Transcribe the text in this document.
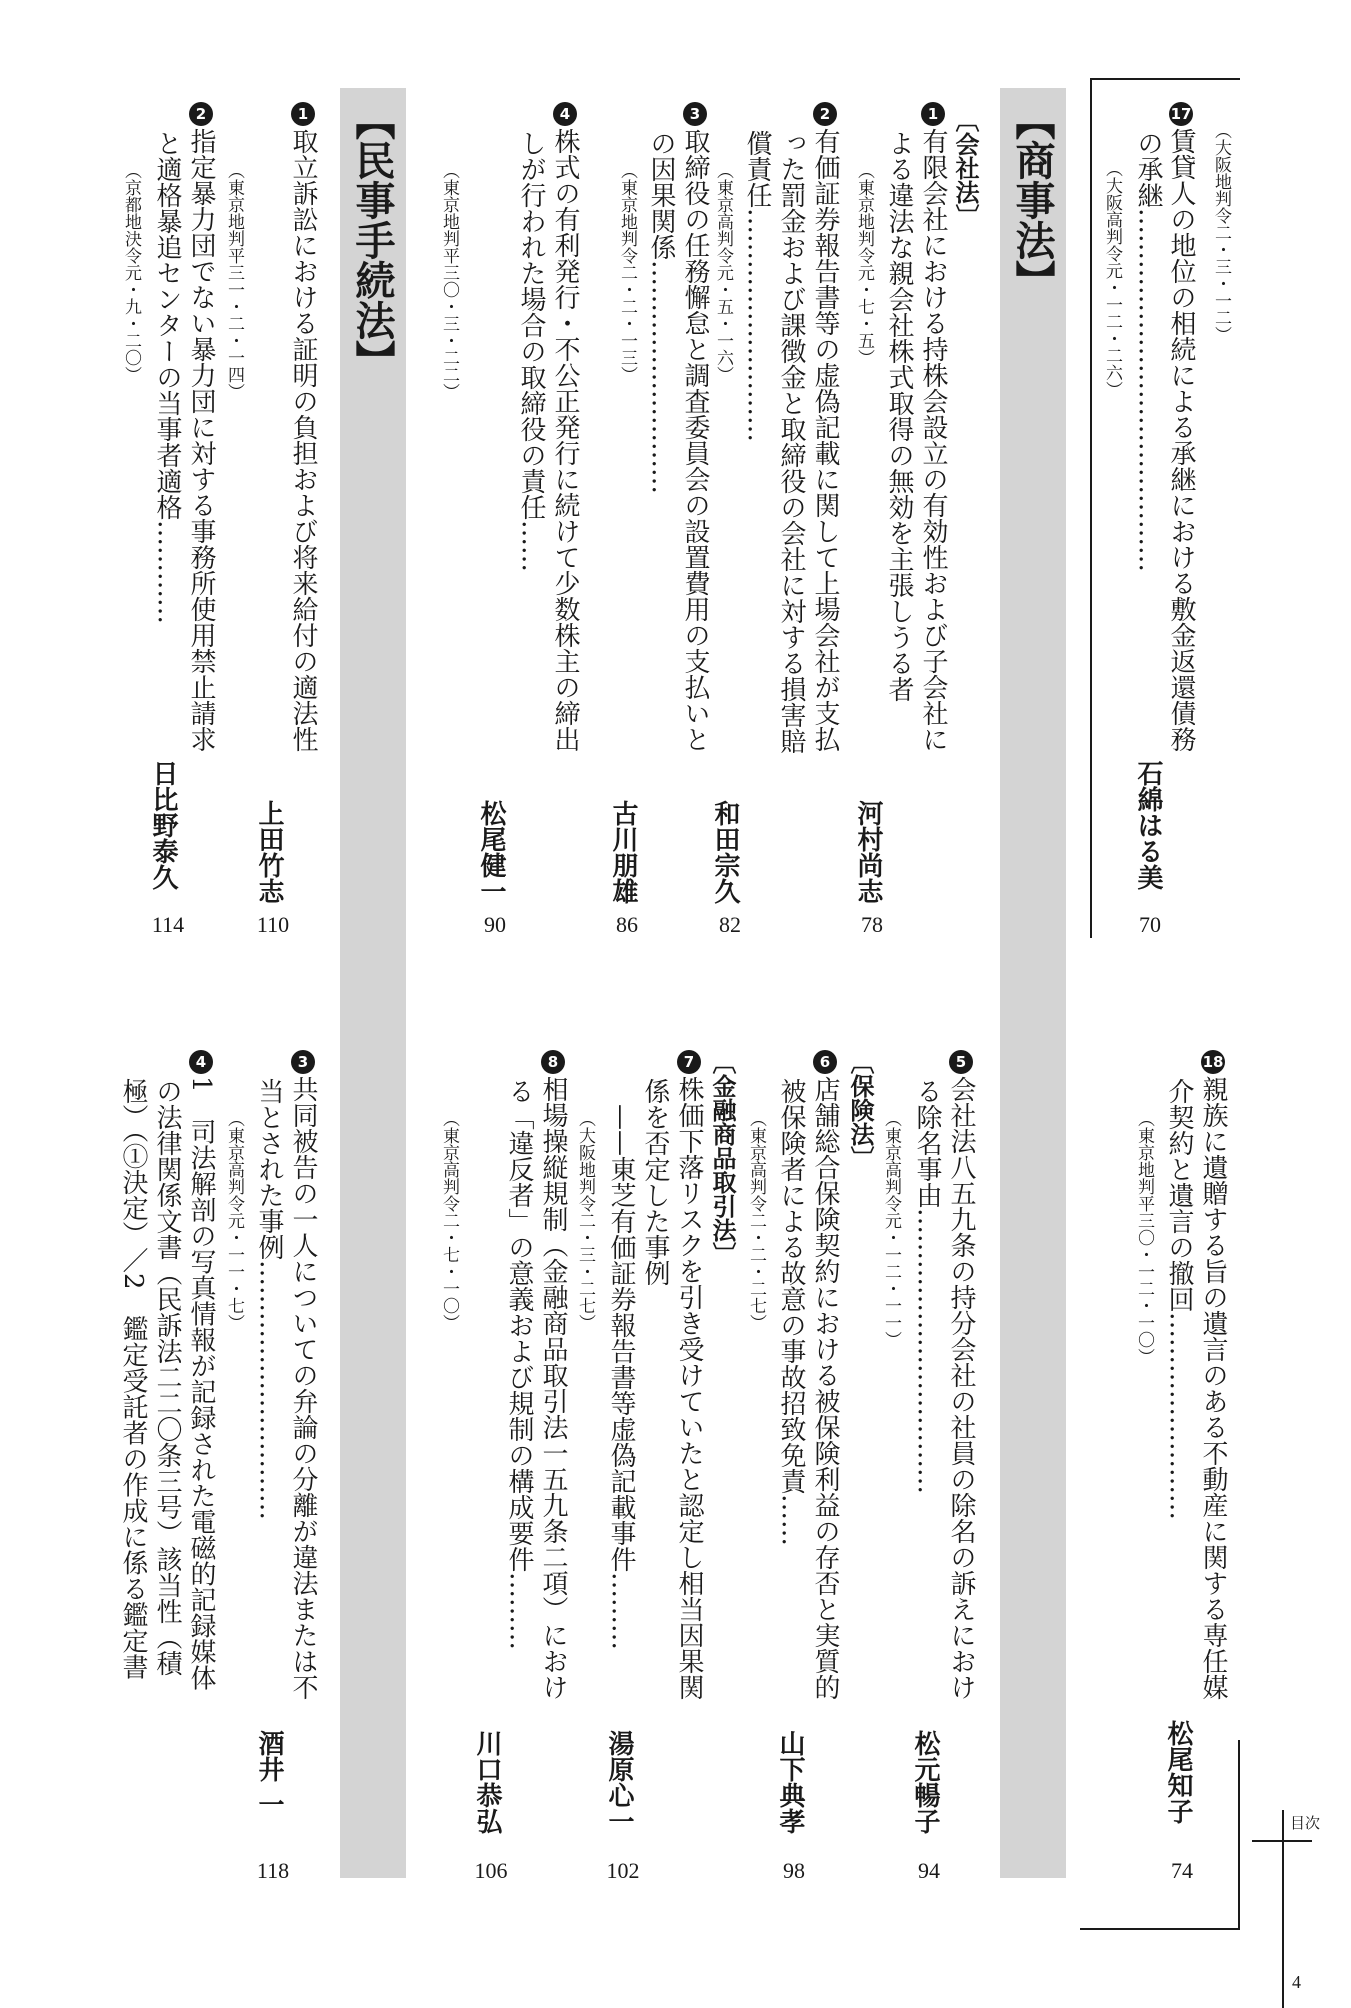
（大阪地判令二・三・一二）
17賃貸人の地位の相続による承継における敷金返還債務
の承継……………………………………
（大阪高判令元・一二・二六）
石綿はる美
70
【商事法】
〔会社法〕
1有限会社における持株会設立の有効性および子会社に
よる違法な親会社株式取得の無効を主張しうる者
（東京地判令元・七・五）
河村尚志
78
2有価証券報告書等の虚偽記載に関して上場会社が支払
った罰金および課徴金と取締役の会社に対する損害賠
償責任………………………
（東京高判令元・五・一六）
和田宗久
82
3取締役の任務懈怠と調査委員会の設置費用の支払いと
の因果関係………………………
（東京地判令二・二・一三）
古川朋雄
86
4株式の有利発行・不公正発行に続けて少数株主の締出
しが行われた場合の取締役の責任……
（東京地判平三〇・三・二二）
松尾健一
90
【民事手続法】
1取立訴訟における証明の負担および将来給付の適法性
（東京地判平三一・二・一四）
上田竹志
110
2指定暴力団でない暴力団に対する事務所使用禁止請求
と適格暴追センターの当事者適格…………
（京都地決令元・九・二〇）
日比野泰久
114
18親族に遺贈する旨の遺言のある不動産に関する専任媒
介契約と遺言の撤回……………………
（東京地判平三〇・一二・一〇）
松尾知子
74
5会社法八五九条の持分会社の社員の除名の訴えにおけ
る除名事由……………………………
（東京高判令元・一二・一一）
松元暢子
94
〔保険法〕
6店舗総合保険契約における被保険利益の存否と実質的
被保険者による故意の事故招致免責……
（東京高判令二・二・二七）
山下典孝
98
〔金融商品取引法〕
7株価下落リスクを引き受けていたと認定し相当因果関
係を否定した事例
——東芝有価証券報告書等虚偽記載事件………
（大阪地判令二・三・二七）
湯原心一
102
8相場操縦規制（金融商品取引法一五九条二項）におけ
る「違反者」の意義および規制の構成要件………
（東京高判令二・七・一〇）
川口恭弘
106
3共同被告の一人についての弁論の分離が違法または不
当とされた事例…………………………
（東京高判令元・一一・七）
酒井 一
118
41　司法解剖の写真情報が記録された電磁的記録媒体
の法律関係文書（民訴法二二〇条三号）該当性（積
極）（①決定）／2　鑑定受託者の作成に係る鑑定書
目次
4
